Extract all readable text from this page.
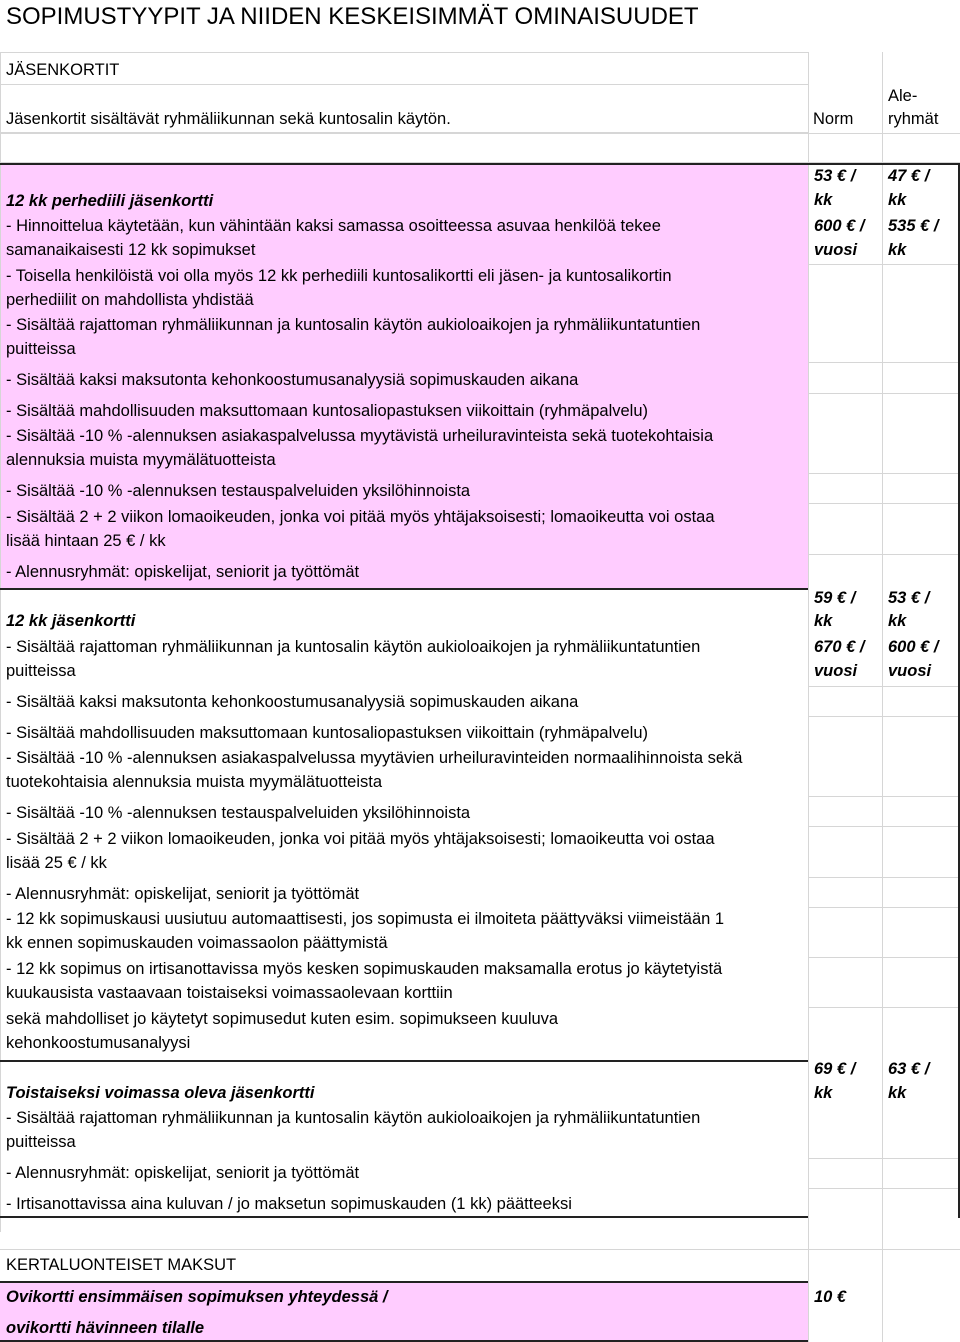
SOPIMUSTYYPIT JA NIIDEN KESKEISIMMÄT OMINAISUUDET
JÄSENKORTIT
Jäsenkortit sisältävät ryhmäliikunnan sekä kuntosalin käytön.	Norm
Ale-
ryhmät
12 kk perhediili jäsenkortti
- Hinnoittelua käytetään, kun vähintään kaksi samassa osoitteessa asuvaa henkilöä tekee
samanaikaisesti 12 kk sopimukset
- Toisella henkilöistä voi olla myös 12 kk perhediili kuntosalikortti eli jäsen- ja kuntosalikortin
perhediilit on mahdollista yhdistää
- Sisältää rajattoman ryhmäliikunnan ja kuntosalin käytön aukioloaikojen ja ryhmäliikuntatuntien
puitteissa
- Sisältää kaksi maksutonta kehonkoostumusanalyysiä sopimuskauden aikana
- Sisältää mahdollisuuden maksuttomaan kuntosaliopastuksen viikoittain (ryhmäpalvelu)
- Sisältää -10 % -alennuksen asiakaspalvelussa myytävistä urheiluravinteista sekä tuotekohtaisia
alennuksia muista myymälätuotteista
- Sisältää -10 % -alennuksen testauspalveluiden yksilöhinnoista
- Sisältää 2 + 2 viikon lomaoikeuden, jonka voi pitää myös yhtäjaksoisesti; lomaoikeutta voi ostaa
lisää hintaan 25 € / kk
- Alennusryhmät: opiskelijat, seniorit ja työttömät
53 € /
kk
600 € /
vuosi
47 € /
kk
535 € /
kk
12 kk jäsenkortti
- Sisältää rajattoman ryhmäliikunnan ja kuntosalin käytön aukioloaikojen ja ryhmäliikuntatuntien
puitteissa
- Sisältää kaksi maksutonta kehonkoostumusanalyysiä sopimuskauden aikana
- Sisältää mahdollisuuden maksuttomaan kuntosaliopastuksen viikoittain (ryhmäpalvelu)
- Sisältää -10 % -alennuksen asiakaspalvelussa myytävien urheiluravinteiden normaalihinnoista sekä
tuotekohtaisia alennuksia muista myymälätuotteista
- Sisältää -10 % -alennuksen testauspalveluiden yksilöhinnoista
- Sisältää 2 + 2 viikon lomaoikeuden, jonka voi pitää myös yhtäjaksoisesti; lomaoikeutta voi ostaa
lisää 25 € / kk
- Alennusryhmät: opiskelijat, seniorit ja työttömät
- 12 kk sopimuskausi uusiutuu automaattisesti, jos sopimusta ei ilmoiteta päättyväksi viimeistään 1
kk ennen sopimuskauden voimassaolon päättymistä
- 12 kk sopimus on irtisanottavissa myös kesken sopimuskauden maksamalla erotus jo käytetyistä
kuukausista vastaavaan toistaiseksi voimassaolevaan korttiin
sekä mahdolliset jo käytetyt sopimusedut kuten esim. sopimukseen kuuluva
kehonkoostumusanalyysi
59 € /
kk
670 € /
vuosi
53 € /
kk
600 € /
vuosi
Toistaiseksi voimassa oleva jäsenkortti
- Sisältää rajattoman ryhmäliikunnan ja kuntosalin käytön aukioloaikojen ja ryhmäliikuntatuntien
puitteissa
- Alennusryhmät: opiskelijat, seniorit ja työttömät
- Irtisanottavissa aina kuluvan / jo maksetun sopimuskauden (1 kk) päätteeksi
69 € /
kk
63 € /
kk
KERTALUONTEISET MAKSUT
Ovikortti ensimmäisen sopimuksen yhteydessä /
ovikortti hävinneen tilalle
10 €
